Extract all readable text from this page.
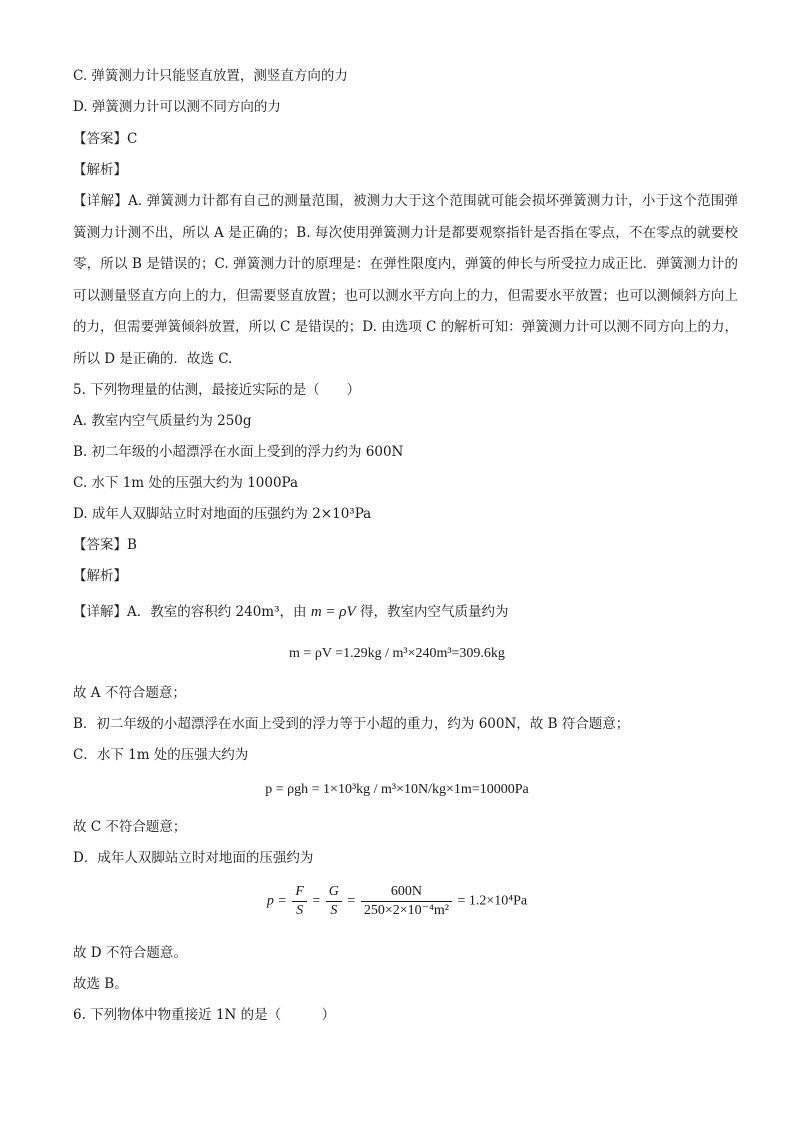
C. 弹簧测力计只能竖直放置，测竖直方向的力
D. 弹簧测力计可以测不同方向的力
【答案】C
【解析】
【详解】A. 弹簧测力计都有自己的测量范围，被测力大于这个范围就可能会损坏弹簧测力计，小于这个范围弹簧测力计测不出，所以 A 是正确的；B. 每次使用弹簧测力计是都要观察指针是否指在零点，不在零点的就要校零，所以 B 是错误的；C. 弹簧测力计的原理是：在弹性限度内，弹簧的伸长与所受拉力成正比．弹簧测力计的可以测量竖直方向上的力，但需要竖直放置；也可以测水平方向上的力，但需要水平放置；也可以测倾斜方向上的力，但需要弹簧倾斜放置，所以 C 是错误的；D. 由选项 C 的解析可知：弹簧测力计可以测不同方向上的力，所以 D 是正确的．故选 C.
5. 下列物理量的估测，最接近实际的是（　　）
A. 教室内空气质量约为 250g
B. 初二年级的小超漂浮在水面上受到的浮力约为 600N
C. 水下 1m 处的压强大约为 1000Pa
D. 成年人双脚站立时对地面的压强约为 2×10³Pa
【答案】B
【解析】
【详解】A．教室的容积约 240m³，由 m = ρV 得，教室内空气质量约为
m = ρV =1.29kg / m³×240m³=309.6kg
故 A 不符合题意；
B．初二年级的小超漂浮在水面上受到的浮力等于小超的重力，约为 600N，故 B 符合题意；
C．水下 1m 处的压强大约为
p = ρgh = 1×10³kg / m³×10N/kg×1m=10000Pa
故 C 不符合题意；
D．成年人双脚站立时对地面的压强约为
$p = \frac{F}{S} = \frac{G}{S} = \frac{600N}{\text{250×2×10⁻⁴m²}} = 1.2\times 10^4Pa$
故 D 不符合题意。
故选 B。
6. 下列物体中物重接近 1N 的是（　　　）
